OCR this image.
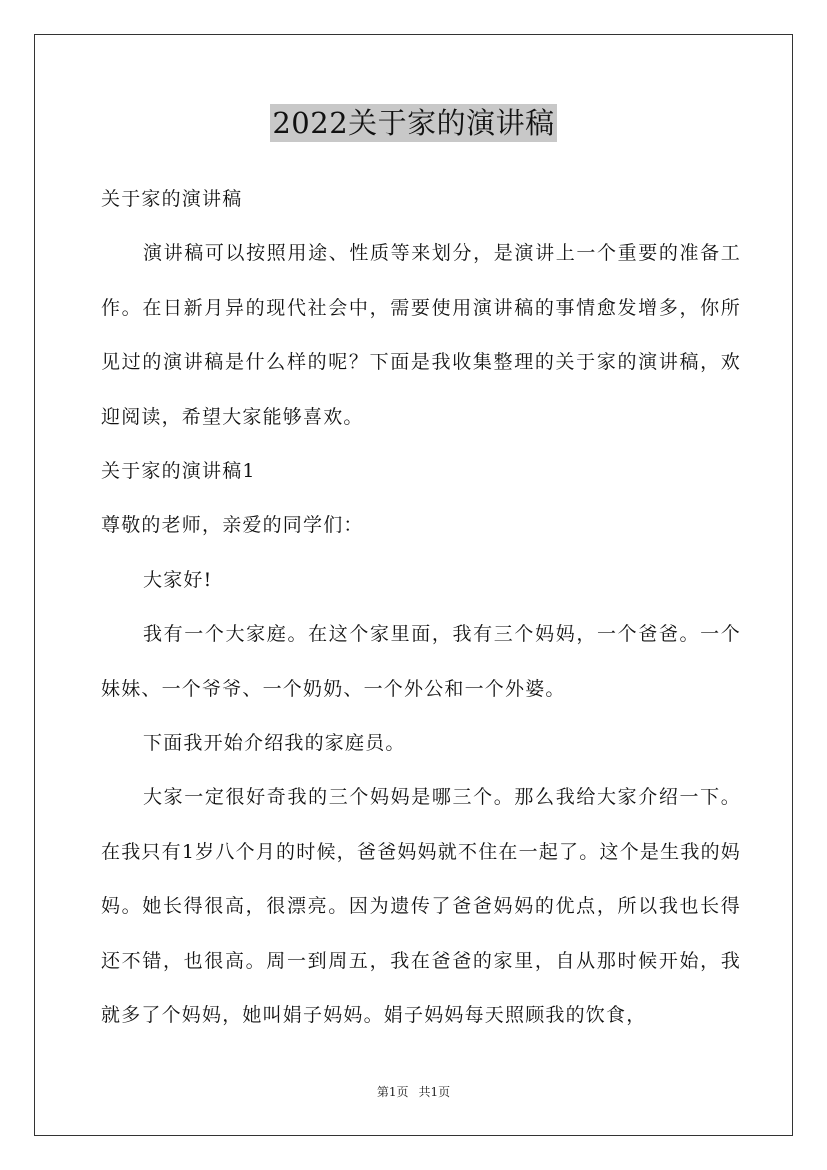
2022关于家的演讲稿

关于家的演讲稿

演讲稿可以按照用途、性质等来划分，是演讲上一个重要的准备工作。在日新月异的现代社会中，需要使用演讲稿的事情愈发增多，你所见过的演讲稿是什么样的呢？下面是我收集整理的关于家的演讲稿，欢迎阅读，希望大家能够喜欢。

关于家的演讲稿1

尊敬的老师，亲爱的同学们：

大家好!

我有一个大家庭。在这个家里面，我有三个妈妈，一个爸爸。一个妹妹、一个爷爷、一个奶奶、一个外公和一个外婆。

下面我开始介绍我的家庭员。

大家一定很好奇我的三个妈妈是哪三个。那么我给大家介绍一下。在我只有1岁八个月的时候，爸爸妈妈就不住在一起了。这个是生我的妈妈。她长得很高，很漂亮。因为遗传了爸爸妈妈的优点，所以我也长得还不错，也很高。周一到周五，我在爸爸的家里，自从那时候开始，我就多了个妈妈，她叫娟子妈妈。娟子妈妈每天照顾我的饮食，

第1页 共1页
